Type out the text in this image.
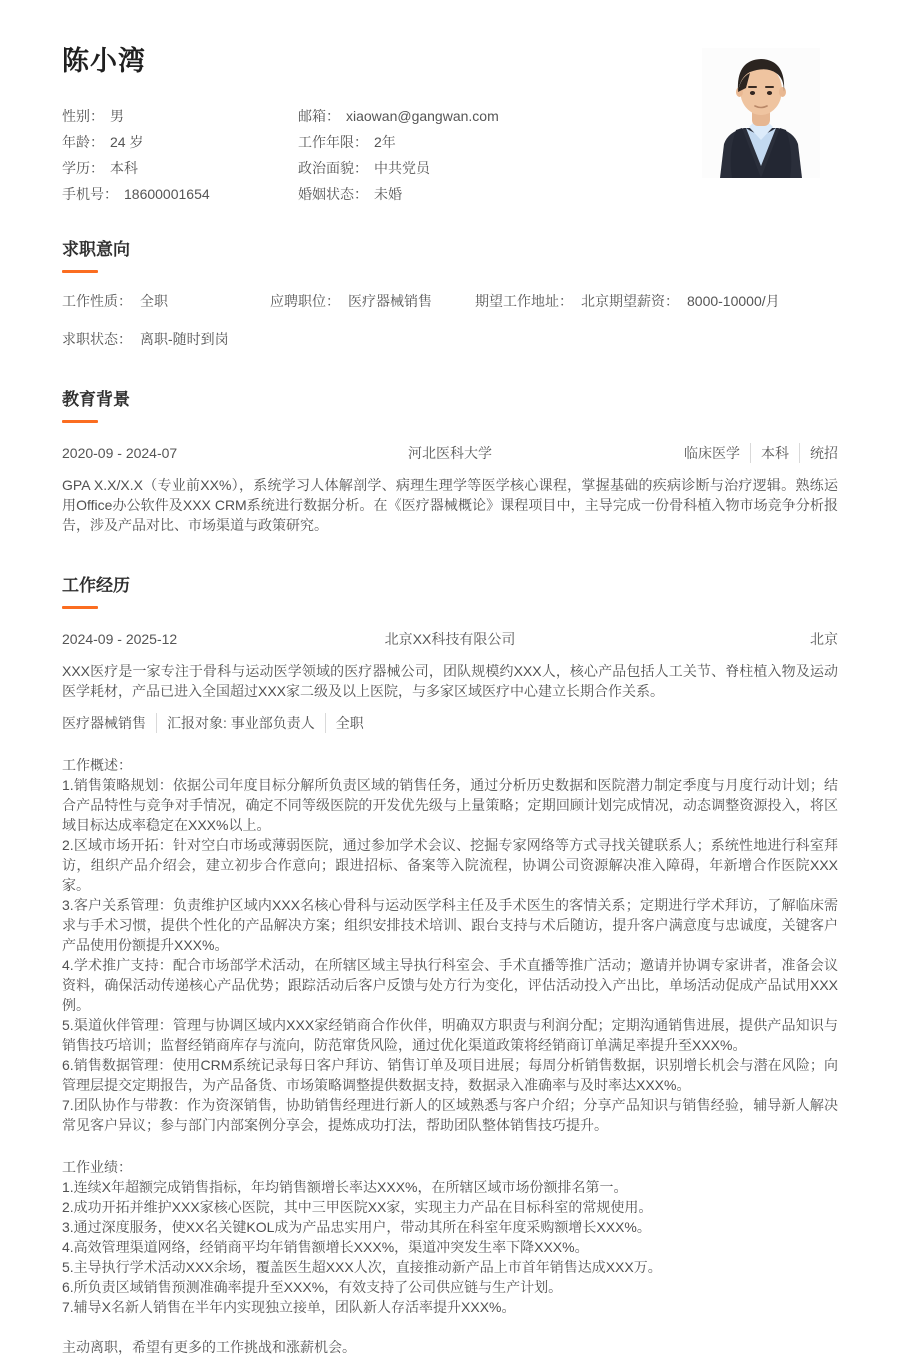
陈小湾
性别： 男	邮箱： xiaowan@gangwan.com
年龄： 24 岁	工作年限： 2年
学历： 本科	政治面貌： 中共党员
手机号： 18600001654	婚姻状态： 未婚
求职意向
工作性质： 全职	应聘职位： 医疗器械销售	期望工作地址： 北京 期望薪资： 8000-10000/月
求职状态： 离职-随时到岗
教育背景
2020-09 - 2024-07	河北医科大学	临床医学	本科	统招
GPA X.X/X.X（专业前XX%），系统学习人体解剖学、病理生理学等医学核心课程，掌握基础的疾病诊断与治疗逻辑。熟练运用Office办公软件及XXX CRM系统进行数据分析。在《医疗器械概论》课程项目中，主导完成一份骨科植入物市场竞争分析报告，涉及产品对比、市场渠道与政策研究。
工作经历
2024-09 - 2025-12	北京XX科技有限公司	北京
XXX医疗是一家专注于骨科与运动医学领域的医疗器械公司，团队规模约XXX人，核心产品包括人工关节、脊柱植入物及运动医学耗材，产品已进入全国超过XXX家二级及以上医院，与多家区域医疗中心建立长期合作关系。
医疗器械销售	汇报对象: 事业部负责人	全职
工作概述：
1.销售策略规划：依据公司年度目标分解所负责区域的销售任务，通过分析历史数据和医院潜力制定季度与月度行动计划；结合产品特性与竞争对手情况，确定不同等级医院的开发优先级与上量策略；定期回顾计划完成情况，动态调整资源投入，将区域目标达成率稳定在XXX%以上。
2.区域市场开拓：针对空白市场或薄弱医院，通过参加学术会议、挖掘专家网络等方式寻找关键联系人；系统性地进行科室拜访，组织产品介绍会，建立初步合作意向；跟进招标、备案等入院流程，协调公司资源解决准入障碍，年新增合作医院XXX家。
3.客户关系管理：负责维护区域内XXX名核心骨科与运动医学科主任及手术医生的客情关系；定期进行学术拜访，了解临床需求与手术习惯，提供个性化的产品解决方案；组织安排技术培训、跟台支持与术后随访，提升客户满意度与忠诚度，关键客户产品使用份额提升XXX%。
4.学术推广支持：配合市场部学术活动，在所辖区域主导执行科室会、手术直播等推广活动；邀请并协调专家讲者，准备会议资料，确保活动传递核心产品优势；跟踪活动后客户反馈与处方行为变化，评估活动投入产出比，单场活动促成产品试用XXX例。
5.渠道伙伴管理：管理与协调区域内XXX家经销商合作伙伴，明确双方职责与利润分配；定期沟通销售进展，提供产品知识与销售技巧培训；监督经销商库存与流向，防范窜货风险，通过优化渠道政策将经销商订单满足率提升至XXX%。
6.销售数据管理：使用CRM系统记录每日客户拜访、销售订单及项目进展；每周分析销售数据，识别增长机会与潜在风险；向管理层提交定期报告，为产品备货、市场策略调整提供数据支持，数据录入准确率与及时率达XXX%。
7.团队协作与带教：作为资深销售，协助销售经理进行新人的区域熟悉与客户介绍；分享产品知识与销售经验，辅导新人解决常见客户异议；参与部门内部案例分享会，提炼成功打法，帮助团队整体销售技巧提升。
工作业绩：
1.连续X年超额完成销售指标，年均销售额增长率达XXX%，在所辖区域市场份额排名第一。
2.成功开拓并维护XXX家核心医院，其中三甲医院XX家，实现主力产品在目标科室的常规使用。
3.通过深度服务，使XX名关键KOL成为产品忠实用户，带动其所在科室年度采购额增长XXX%。
4.高效管理渠道网络，经销商平均年销售额增长XXX%，渠道冲突发生率下降XXX%。
5.主导执行学术活动XXX余场，覆盖医生超XXX人次，直接推动新产品上市首年销售达成XXX万。
6.所负责区域销售预测准确率提升至XXX%，有效支持了公司供应链与生产计划。
7.辅导X名新人销售在半年内实现独立接单，团队新人存活率提升XXX%。
主动离职，希望有更多的工作挑战和涨薪机会。
